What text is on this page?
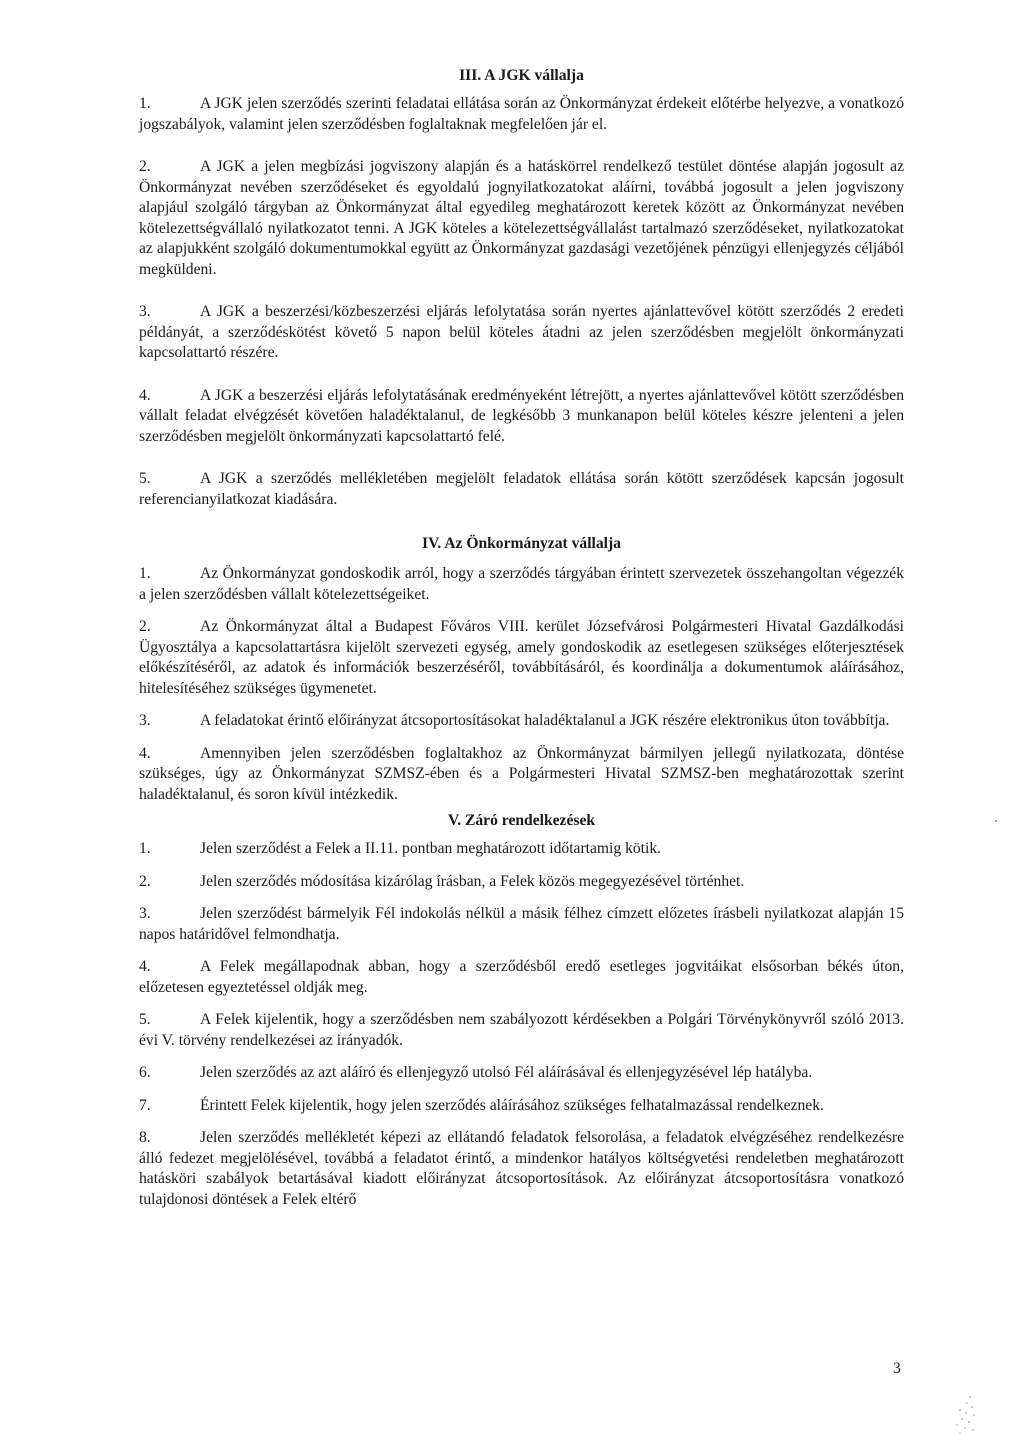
III. A JGK vállalja

1.	A JGK jelen szerződés szerinti feladatai ellátása során az Önkormányzat érdekeit előtérbe helyezve, a vonatkozó jogszabályok, valamint jelen szerződésben foglaltaknak megfelelően jár el.

2.	A JGK a jelen megbízási jogviszony alapján és a hatáskörrel rendelkező testület döntése alapján jogosult az Önkormányzat nevében szerződéseket és egyoldalú jognyilatkozatokat aláírni, továbbá jogosult a jelen jogviszony alapjául szolgáló tárgyban az Önkormányzat által egyedileg meghatározott keretek között az Önkormányzat nevében kötelezettségvállaló nyilatkozatot tenni. A JGK köteles a kötelezettségvállalást tartalmazó szerződéseket, nyilatkozatokat az alapjukként szolgáló dokumentumokkal együtt az Önkormányzat gazdasági vezetőjének pénzügyi ellenjegyzés céljából megküldeni.

3.	A JGK a beszerzési/közbeszerzési eljárás lefolytatása során nyertes ajánlattevővel kötött szerződés 2 eredeti példányát, a szerződéskötést követő 5 napon belül köteles átadni az jelen szerződésben megjelölt önkormányzati kapcsolattartó részére.

4.	A JGK a beszerzési eljárás lefolytatásának eredményeként létrejött, a nyertes ajánlattevővel kötött szerződésben vállalt feladat elvégzését követően haladéktalanul, de legkésőbb 3 munkanapon belül köteles készre jelenteni a jelen szerződésben megjelölt önkormányzati kapcsolattartó felé.

5.	A JGK a szerződés mellékletében megjelölt feladatok ellátása során kötött szerződések kapcsán jogosult referencianyilatkozat kiadására.

IV. Az Önkormányzat vállalja

1.	Az Önkormányzat gondoskodik arról, hogy a szerződés tárgyában érintett szervezetek összehangoltan végezzék a jelen szerződésben vállalt kötelezettségeiket.

2.	Az Önkormányzat által a Budapest Főváros VIII. kerület Józsefvárosi Polgármesteri Hivatal Gazdálkodási Ügyosztálya a kapcsolattartásra kijelölt szervezeti egység, amely gondoskodik az esetlegesen szükséges előterjesztések előkészítéséről, az adatok és információk beszerzéséről, továbbításáról, és koordinálja a dokumentumok aláírásához, hitelesítéséhez szükséges ügymenetet.

3.	A feladatokat érintő előirányzat átcsoportosításokat haladéktalanul a JGK részére elektronikus úton továbbítja.

4.	Amennyiben jelen szerződésben foglaltakhoz az Önkormányzat bármilyen jellegű nyilatkozata, döntése szükséges, úgy az Önkormányzat SZMSZ-ében és a Polgármesteri Hivatal SZMSZ-ben meghatározottak szerint haladéktalanul, és soron kívül intézkedik.

V. Záró rendelkezések

1.	Jelen szerződést a Felek a II.11. pontban meghatározott időtartamig kötik.

2.	Jelen szerződés módosítása kizárólag írásban, a Felek közös megegyezésével történhet.

3.	Jelen szerződést bármelyik Fél indokolás nélkül a másik félhez címzett előzetes írásbeli nyilatkozat alapján 15 napos határidővel felmondhatja.

4.	A Felek megállapodnak abban, hogy a szerződésből eredő esetleges jogvitáikat elsősorban békés úton, előzetesen egyeztetéssel oldják meg.

5.	A Felek kijelentik, hogy a szerződésben nem szabályozott kérdésekben a Polgári Törvénykönyvről szóló 2013. évi V. törvény rendelkezései az irányadók.

6.	Jelen szerződés az azt aláíró és ellenjegyző utolsó Fél aláírásával és ellenjegyzésével lép hatályba.

7.	Érintett Felek kijelentik, hogy jelen szerződés aláírásához szükséges felhatalmazással rendelkeznek.

8.	Jelen szerződés mellékletét képezi az ellátandó feladatok felsorolása, a feladatok elvégzéséhez rendelkezésre álló fedezet megjelölésével, továbbá a feladatot érintő, a mindenkor hatályos költségvetési rendeletben meghatározott hatásköri szabályok betartásával kiadott előirányzat átcsoportosítások. Az előirányzat átcsoportosításra vonatkozó tulajdonosi döntések a Felek eltérő

3
